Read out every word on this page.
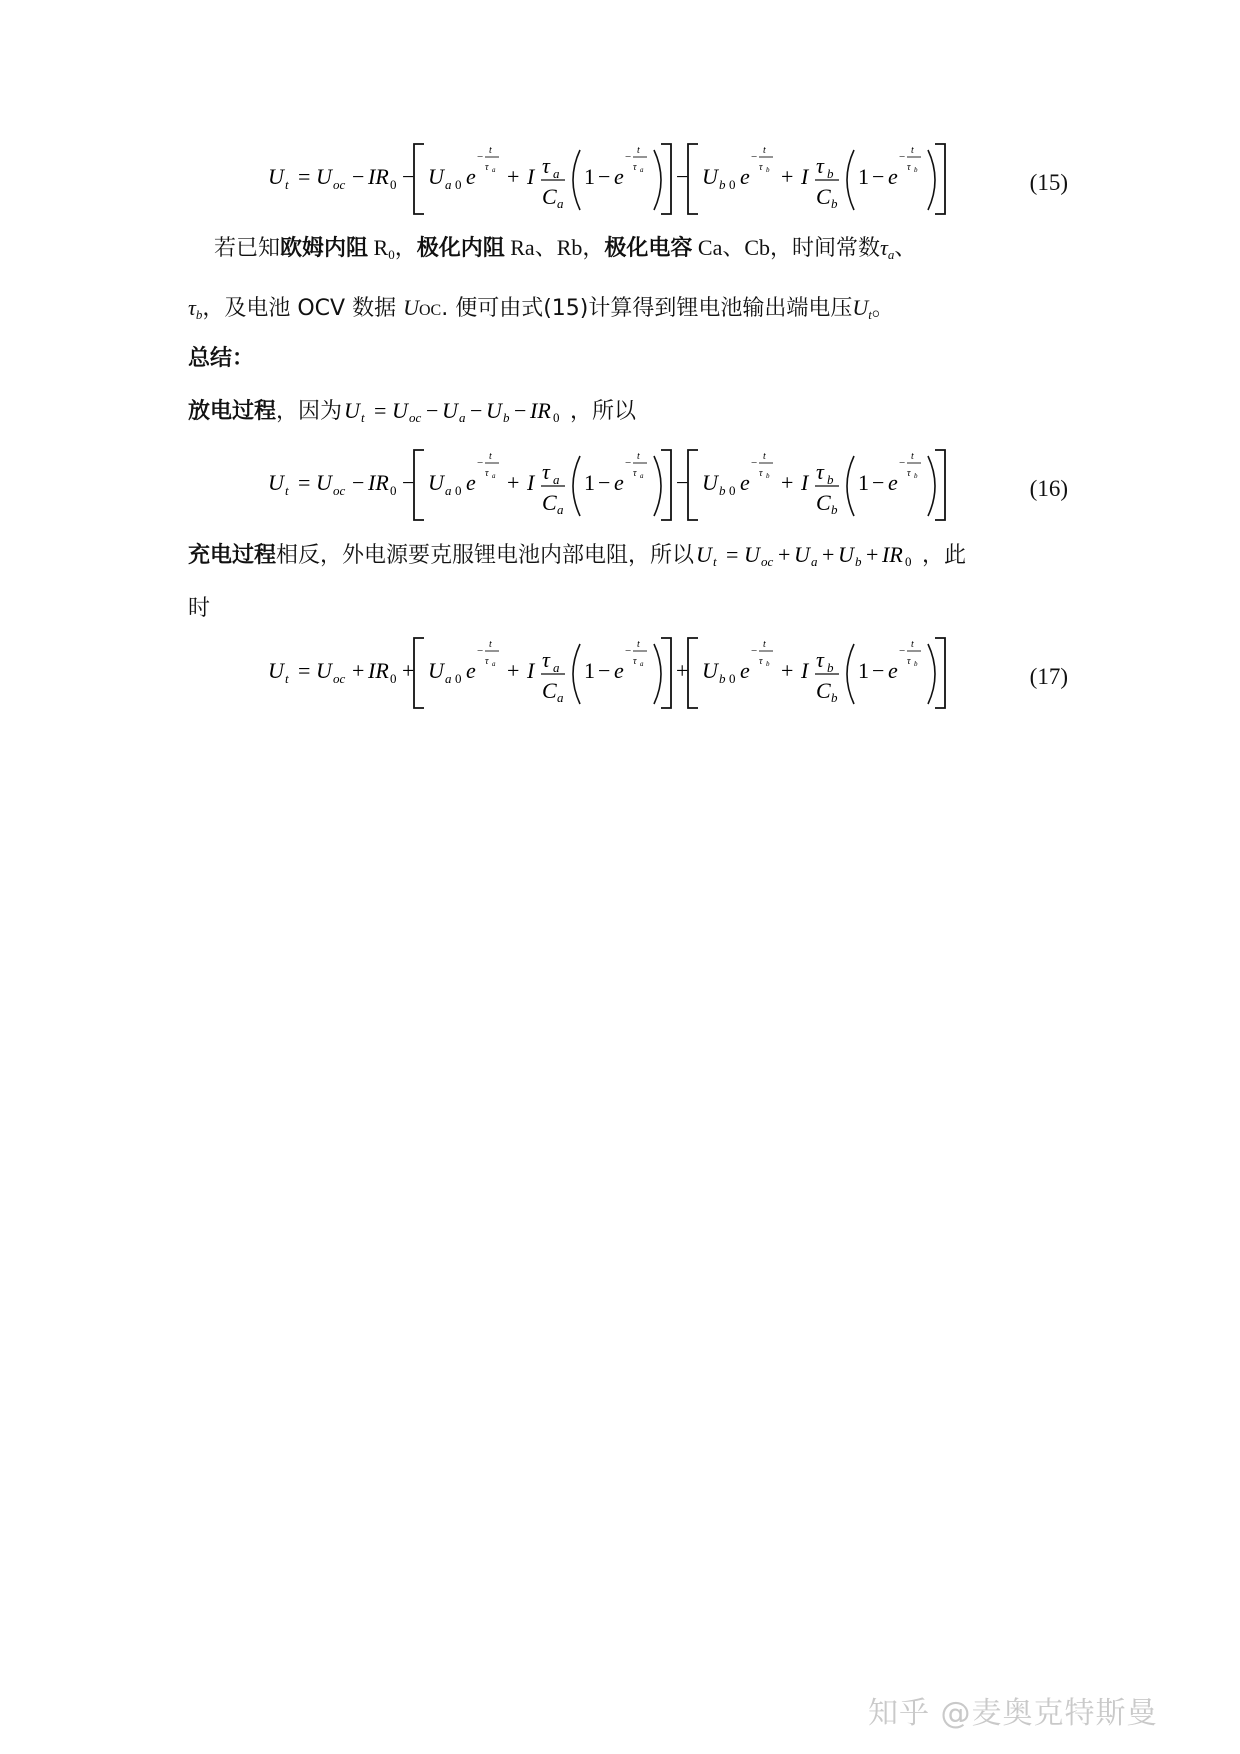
U t = U oc − IR 0 − U a 0 e
−
t
τ a + I τ a
C a
1 − e
−
t
τ a − U b 0 e
−
t
τ b + I τ b
C b
1 − e
−
t
τ b	(15)
若已知欧姆内阻 $R_0$，极化内阻 Ra、Rb，极化电容 Ca、Cb，时间常数$\tau_a$、
$\tau_b$，及电池 OCV 数据 UOC. 便可由式(15)计算得到锂电池输出端电压$U_t$。
总结：
放电过程，因为 U t = U oc − U a − U b − IR 0 ，所以
U t = U oc − IR 0 − U a 0 e
−
t
τ a + I τ a
C a
1 − e
−
t
τ a − U b 0 e
−
t
τ b + I τ b
C b
1 − e
−
t
τ b	(16)
充电过程相反，外电源要克服锂电池内部电阻，所以 U t = U oc + U a + U b + IR 0 ，此
时
U t = U oc + IR 0 + U a 0 e
−
t
τ a + I τ a
C a
1 − e
−
t
τ a + U b 0 e
−
t
τ b + I τ b
C b
1 − e
−
t
τ b	(17)
知乎 @麦奥克特斯曼
